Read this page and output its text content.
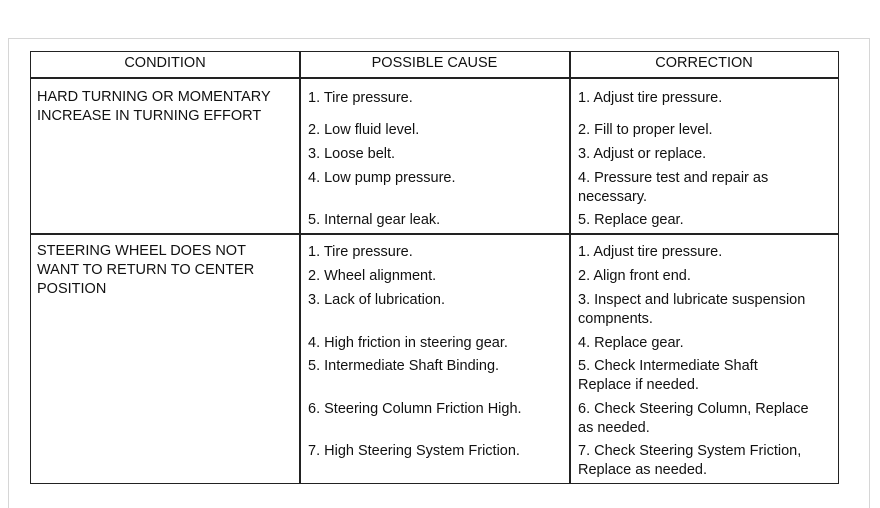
CONDITION	POSSIBLE CAUSE	CORRECTION
HARD TURNING OR MOMENTARY
INCREASE IN TURNING EFFORT
1. Tire pressure.	1. Adjust tire pressure.
2. Low fluid level.	2. Fill to proper level.
3. Loose belt.	3. Adjust or replace.
4. Low pump pressure.	4. Pressure test and repair as
necessary.
5. Internal gear leak.	5. Replace gear.
STEERING WHEEL DOES NOT
WANT TO RETURN TO CENTER
POSITION
1. Tire pressure.	1. Adjust tire pressure.
2. Wheel alignment.	2. Align front end.
3. Lack of lubrication.	3. Inspect and lubricate suspension
compnents.
4. High friction in steering gear.	4. Replace gear.
5. Intermediate Shaft Binding.	5. Check Intermediate Shaft
Replace if needed.
6. Steering Column Friction High.	6. Check Steering Column, Replace
as needed.
7. High Steering System Friction.	7. Check Steering System Friction,
Replace as needed.
